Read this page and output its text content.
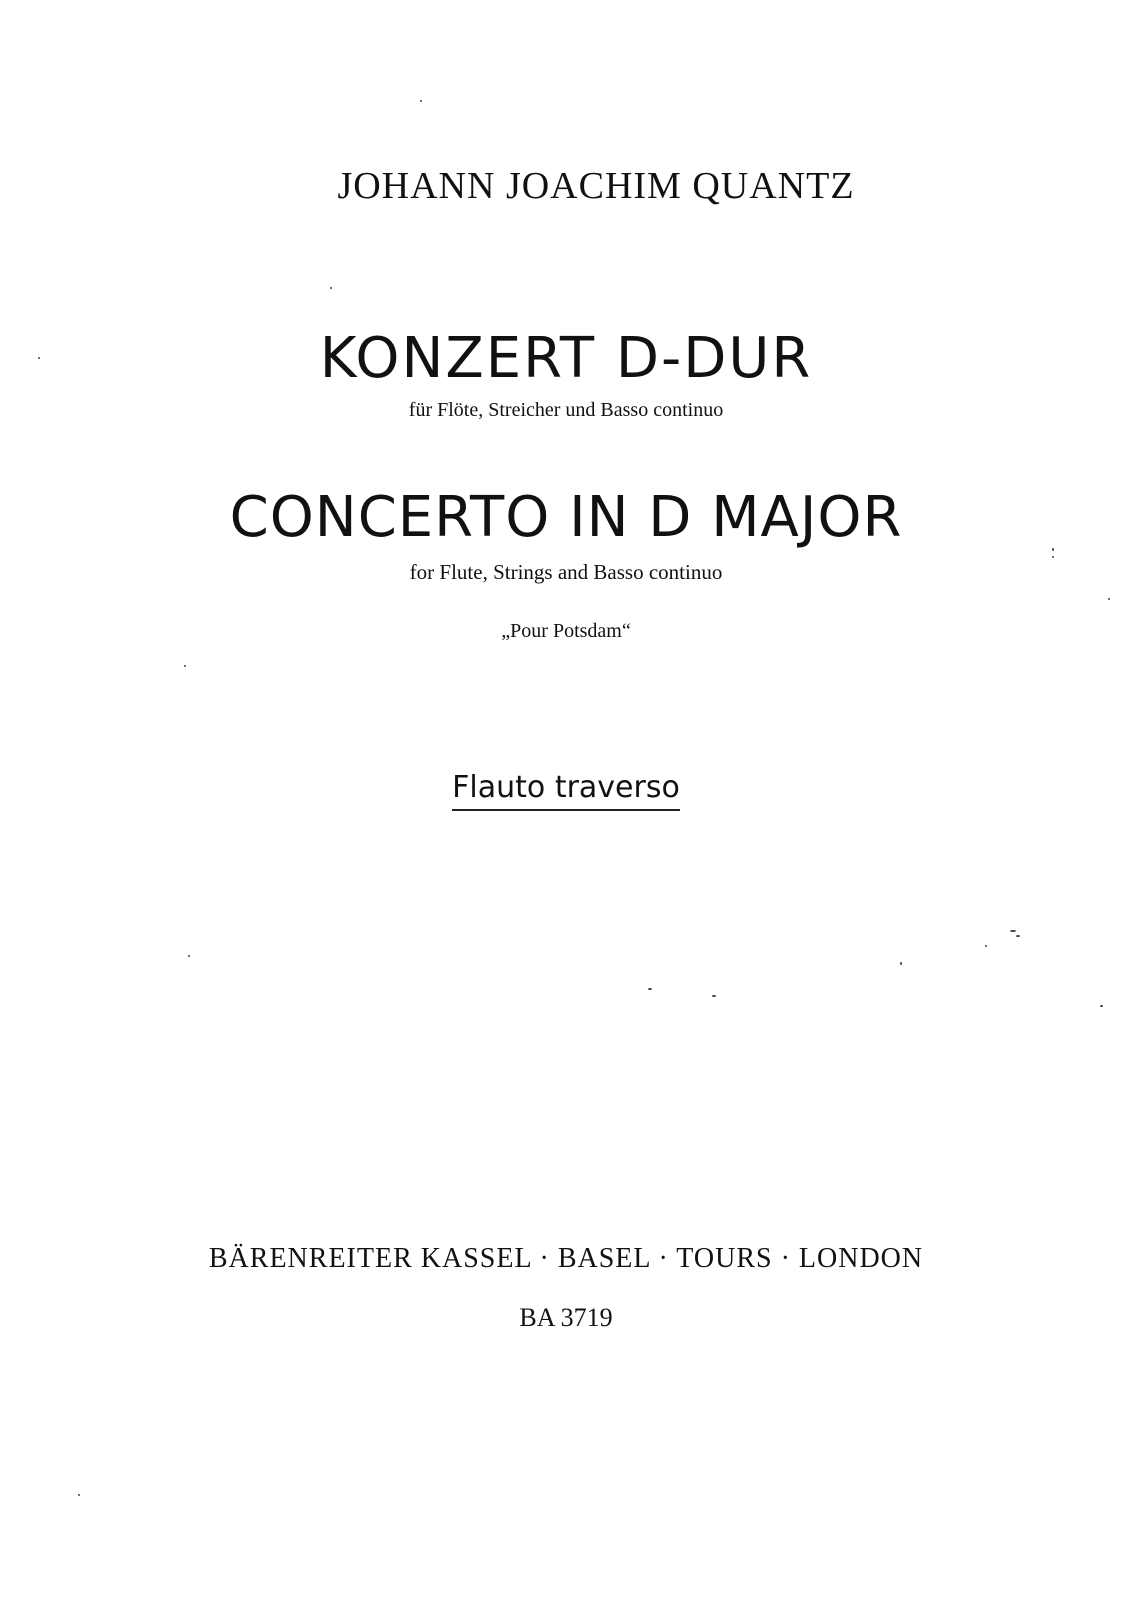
JOHANN JOACHIM QUANTZ
KONZERT D-DUR
für Flöte, Streicher und Basso continuo
CONCERTO IN D MAJOR
for Flute, Strings and Basso continuo
„Pour Potsdam“
Flauto traverso
BÄRENREITER KASSEL · BASEL · TOURS · LONDON
BA 3719
